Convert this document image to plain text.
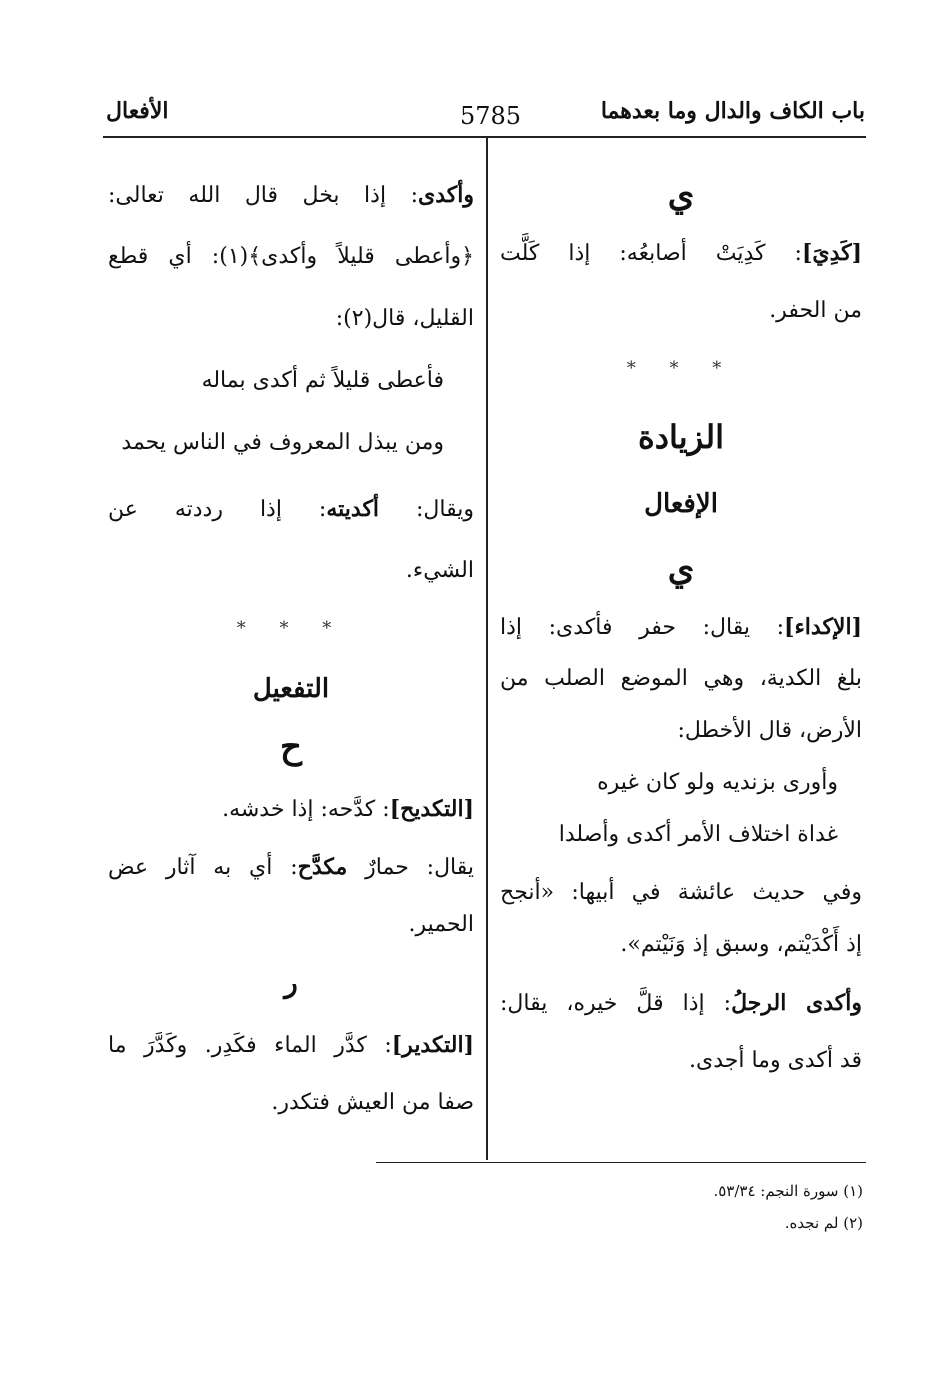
باب الكاف والدال وما بعدهما
5785
الأفعال
ي
[كَدِيَ]: كَدِيَتْ أصابعُه: إذا كَلَّت
من الحفر.
* * *
الزيادة
الإفعال
ي
[الإكداء]: يقال: حفر فأكدى: إذا
بلغ الكدية، وهي الموضع الصلب من
الأرض، قال الأخطل:
وأورى بزنديه ولو كان غيره
غداة اختلاف الأمر أكدى وأصلدا
وفي حديث عائشة في أبيها: «أنجح
إذ أَكْدَيْتم، وسبق إذ وَنَيْتم».
وأكدى الرجلُ: إذا قلَّ خيره، يقال:
قد أكدى وما أجدى.
وأكدى: إذا بخل قال الله تعالى:
﴿وأعطى قليلاً وأكدى﴾(١): أي قطع
القليل، قال(٢):
فأعطى قليلاً ثم أكدى بماله
ومن يبذل المعروف في الناس يحمد
ويقال: أكديته: إذا رددته عن
الشيء.
* * *
التفعيل
ح
[التكديح]: كدَّحه: إذا خدشه.
يقال: حمارٌ مكدَّح: أي به آثار عض
الحمير.
ر
[التكدير]: كدَّر الماء فكَدِر. وكَدَّرَ ما
صفا من العيش فتكدر.
(١) سورة النجم: ٥٣/٣٤.
(٢) لم نجده.
